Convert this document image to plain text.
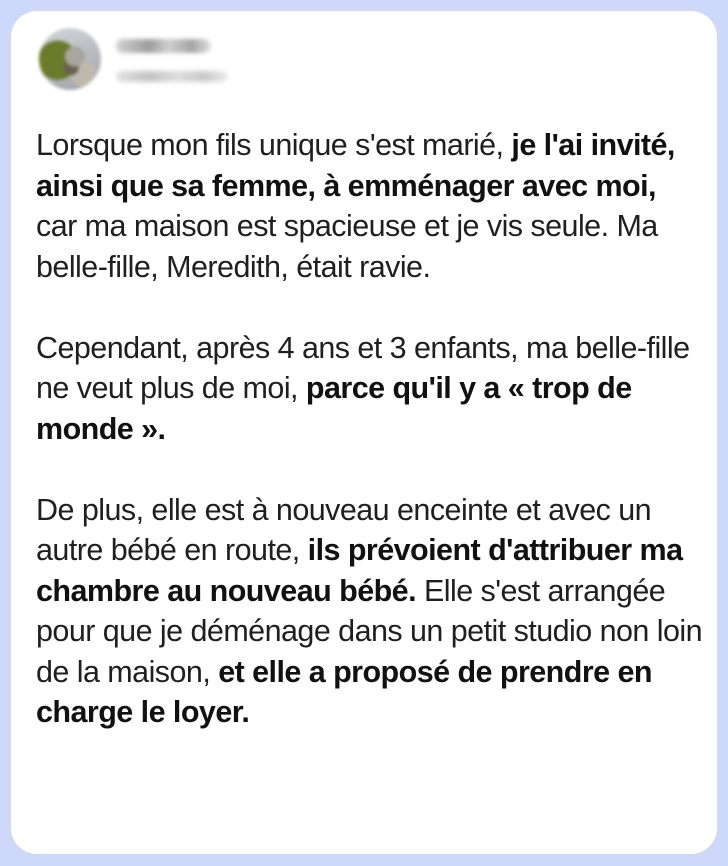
Lorsque mon fils unique s'est marié, je l'ai invité, ainsi que sa femme, à emménager avec moi, car ma maison est spacieuse et je vis seule. Ma belle-fille, Meredith, était ravie.

Cependant, après 4 ans et 3 enfants, ma belle-fille ne veut plus de moi, parce qu'il y a « trop de monde ».

De plus, elle est à nouveau enceinte et avec un autre bébé en route, ils prévoient d'attribuer ma chambre au nouveau bébé. Elle s'est arrangée pour que je déménage dans un petit studio non loin de la maison, et elle a proposé de prendre en charge le loyer.
